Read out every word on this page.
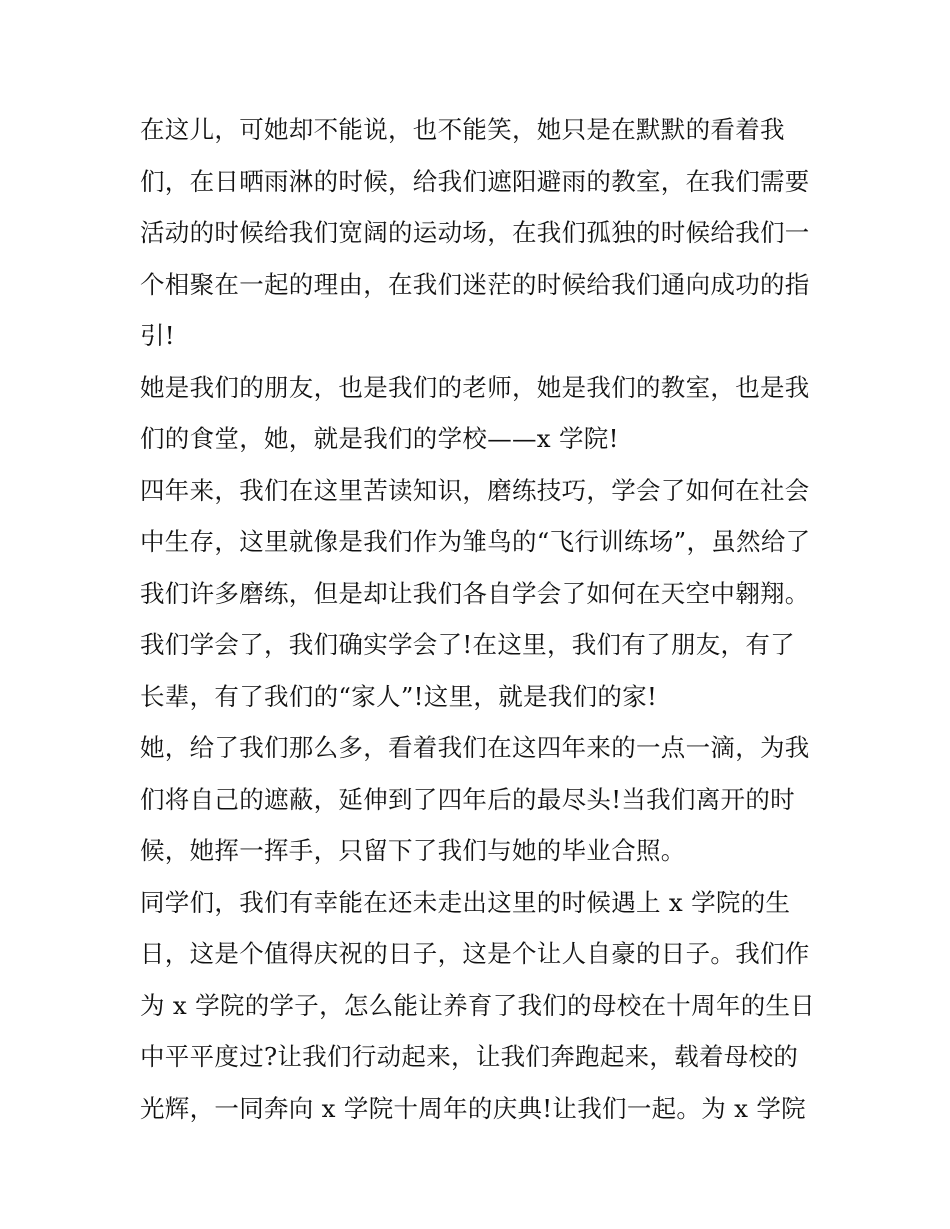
在这儿，可她却不能说，也不能笑，她只是在默默的看着我
们，在日晒雨淋的时候，给我们遮阳避雨的教室，在我们需要
活动的时候给我们宽阔的运动场，在我们孤独的时候给我们一
个相聚在一起的理由，在我们迷茫的时候给我们通向成功的指
引!
她是我们的朋友，也是我们的老师，她是我们的教室，也是我
们的食堂，她，就是我们的学校——x 学院!
四年来，我们在这里苦读知识，磨练技巧，学会了如何在社会
中生存，这里就像是我们作为雏鸟的“飞行训练场”，虽然给了
我们许多磨练，但是却让我们各自学会了如何在天空中翱翔。
我们学会了，我们确实学会了!在这里，我们有了朋友，有了
长辈，有了我们的“家人”!这里，就是我们的家!
她，给了我们那么多，看着我们在这四年来的一点一滴，为我
们将自己的遮蔽，延伸到了四年后的最尽头!当我们离开的时
候，她挥一挥手，只留下了我们与她的毕业合照。
同学们，我们有幸能在还未走出这里的时候遇上 x 学院的生
日，这是个值得庆祝的日子，这是个让人自豪的日子。我们作
为 x 学院的学子，怎么能让养育了我们的母校在十周年的生日
中平平度过?让我们行动起来，让我们奔跑起来，载着母校的
光辉，一同奔向 x 学院十周年的庆典!让我们一起。为 x 学院
